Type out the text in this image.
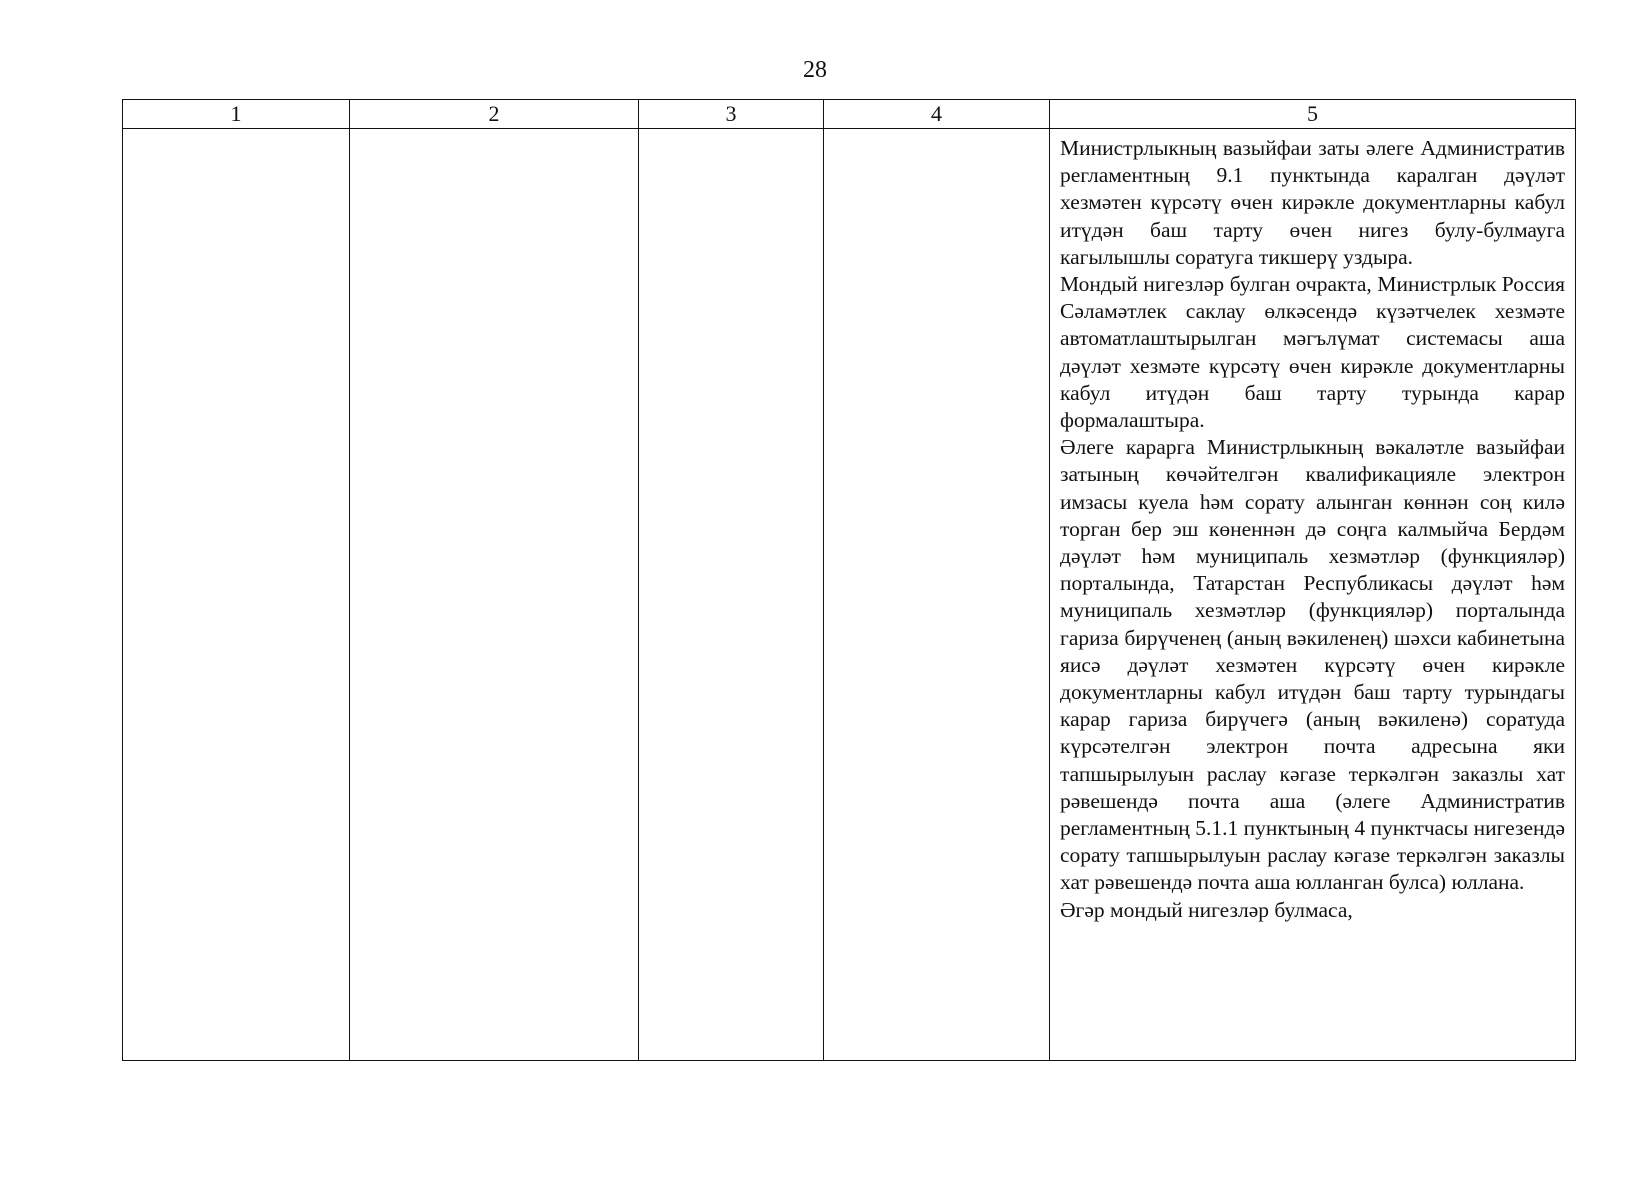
28
1	2	3	4	5

				Министрлыкның вазыйфаи заты әлеге Административ регламентның 9.1 пунктында каралган дәүләт хезмәтен күрсәтү өчен кирәкле документларны кабул итүдән баш тарту өчен нигез булу-булмауга кагылышлы соратуга тикшерү уздыра.

Мондый нигезләр булган очракта, Министрлык Россия Сәламәтлек саклау өлкәсендә күзәтчелек хезмәте автоматлаштырылган мәгълүмат системасы аша дәүләт хезмәте күрсәтү өчен кирәкле документларны кабул итүдән баш тарту турында карар формалаштыра.

Әлеге карарга Министрлыкның вәкаләтле вазыйфаи затының көчәйтелгән квалификацияле электрон имзасы куела һәм сорату алынган көннән соң килә торган бер эш көненнән дә соңга калмыйча Бердәм дәүләт һәм муниципаль хезмәтләр (функцияләр) порталында, Татарстан Республикасы дәүләт һәм муниципаль хезмәтләр (функцияләр) порталында гариза бирүченең (аның вәкиленең) шәхси кабинетына яисә дәүләт хезмәтен күрсәтү өчен кирәкле документларны кабул итүдән баш тарту турындагы карар гариза бирүчегә (аның вәкиленә) соратуда күрсәтелгән электрон почта адресына яки тапшырылуын раслау кәгазе теркәлгән заказлы хат рәвешендә почта аша (әлеге Административ регламентның 5.1.1 пунктының 4 пунктчасы нигезендә сорату тапшырылуын раслау кәгазе теркәлгән заказлы хат рәвешендә почта аша юлланган булса) юллана.

Әгәр мондый нигезләр булмаса,
